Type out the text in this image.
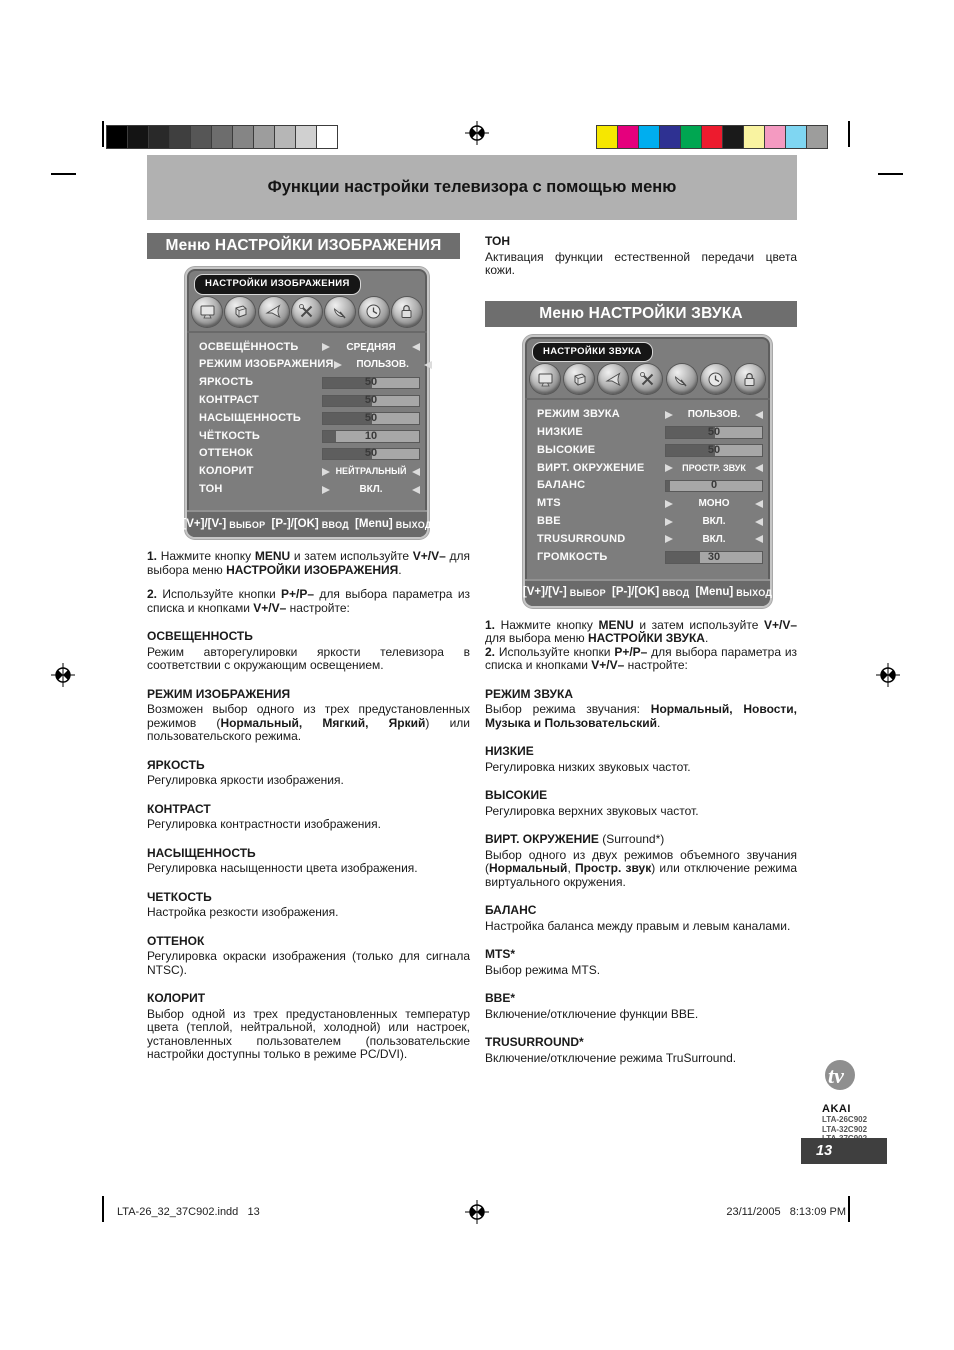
Функции настройки телевизора с помощью меню
Меню НАСТРОЙКИ ИЗОБРАЖЕНИЯ
НАСТРОЙКИ ИЗОБРАЖЕНИЯ
ОСВЕЩЁННОСТЬ	СРЕДНЯЯ
РЕЖИМ ИЗОБРАЖЕНИЯ	ПОЛЬЗОВ.
ЯРКОСТЬ	50
КОНТРАСТ	50
НАСЫЩЕННОСТЬ	50
ЧЁТКОСТЬ	10
ОТТЕНОК	50
КОЛОРИТ	НЕЙТРАЛЬНЫЙ
ТОН	ВКЛ.
[V+]/[V-] ВЫБОР [P-]/[OK] ВВОД [Menu] ВЫХОД

1. Нажмите кнопку MENU и затем используйте V+/V– для выбора меню НАСТРОЙКИ ИЗОБРАЖЕНИЯ.

2. Используйте кнопки P+/P– для выбора параметра из списка и кнопками V+/V– настройте:

ОСВЕЩЕННОСТЬ

Режим авторегулировки яркости телевизора в соответствии с окружающим освещением.

РЕЖИМ ИЗОБРАЖЕНИЯ

Возможен выбор одного из трех предустановленных режимов (Нормальный, Мягкий, Яркий) или пользовательского режима.

ЯРКОСТЬ

Регулировка яркости изображения.

КОНТРАСТ

Регулировка контрастности изображения.

НАСЫЩЕННОСТЬ

Регулировка насыщенности цвета изображения.

ЧЕТКОСТЬ

Настройка резкости изображения.

ОТТЕНОК

Регулировка окраски изображения (только для сигнала NTSC).

КОЛОРИТ

Выбор одной из трех предустановленных температур цвета (теплой, нейтральной, холодной) или настроек, установленных пользователем (пользовательские настройки доступны только в режиме PC/DVI).

ТОН

Активация функции естественной передачи цвета кожи.

Меню НАСТРОЙКИ ЗВУКА
НАСТРОЙКИ ЗВУКА
РЕЖИМ ЗВУКА	ПОЛЬЗОВ.
НИЗКИЕ	50
ВЫСОКИЕ	50
ВИРТ. ОКРУЖЕНИЕ	ПРОСТР. ЗВУК
БАЛАНС	0
MTS	МОНО
BBE	ВКЛ.
TRUSURROUND	ВКЛ.
ГРОМКОСТЬ	30
[V+]/[V-] ВЫБОР [P-]/[OK] ВВОД [Menu] ВЫХОД

1. Нажмите кнопку MENU и затем используйте V+/V– для выбора меню НАСТРОЙКИ ЗВУКА.

2. Используйте кнопки P+/P– для выбора параметра из списка и кнопками V+/V– настройте:

РЕЖИМ ЗВУКА

Выбор режима звучания: Нормальный, Новости, Музыка и Пользовательский.

НИЗКИЕ

Регулировка низких звуковых частот.

ВЫСОКИЕ

Регулировка верхних звуковых частот.

ВИРТ. ОКРУЖЕНИЕ (Surround*)

Выбор одного из двух режимов объемного звучания (Нормальный, Простр. звук) или отключение режима виртуального окружения.

БАЛАНС

Настройка баланса между правым и левым каналами.

MTS*

Выбор режима MTS.

BBE*

Включение/отключение функции BBE.

TRUSURROUND*

Включение/отключение режима TruSurround.

tv
AKAI
LTA-26C902
LTA-32C902
13
LTA-26_32_37C902.indd   13	23/11/2005   8:13:09 PM
